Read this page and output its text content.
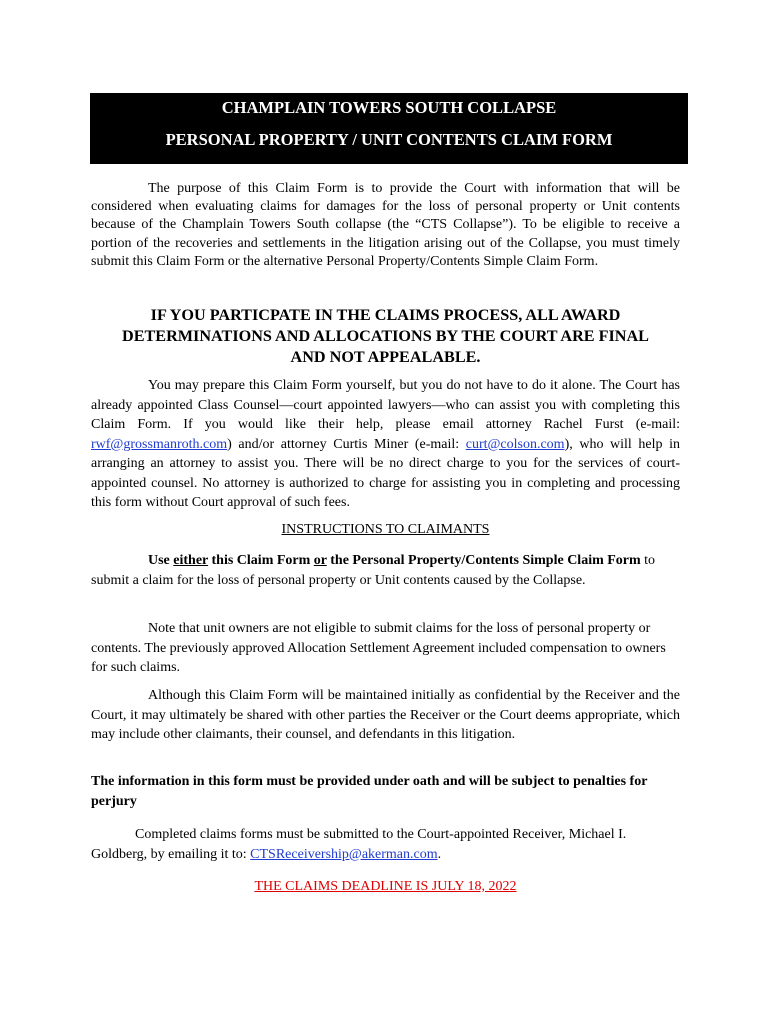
CHAMPLAIN TOWERS SOUTH COLLAPSE
PERSONAL PROPERTY / UNIT CONTENTS CLAIM FORM

The purpose of this Claim Form is to provide the Court with information that will be considered when evaluating claims for damages for the loss of personal property or Unit contents because of the Champlain Towers South collapse (the “CTS Collapse”). To be eligible to receive a portion of the recoveries and settlements in the litigation arising out of the Collapse, you must timely submit this Claim Form or the alternative Personal Property/Contents Simple Claim Form.

IF YOU PARTICPATE IN THE CLAIMS PROCESS, ALL AWARD
DETERMINATIONS AND ALLOCATIONS BY THE COURT ARE FINAL
AND NOT APPEALABLE.

You may prepare this Claim Form yourself, but you do not have to do it alone. The Court has already appointed Class Counsel—court appointed lawyers—who can assist you with completing this Claim Form. If you would like their help, please email attorney Rachel Furst (e-mail: rwf@grossmanroth.com) and/or attorney Curtis Miner (e-mail: curt@colson.com), who will help in arranging an attorney to assist you. There will be no direct charge to you for the services of court-appointed counsel. No attorney is authorized to charge for assisting you in completing and processing this form without Court approval of such fees.

INSTRUCTIONS TO CLAIMANTS

Use either this Claim Form or the Personal Property/Contents Simple Claim Form to submit a claim for the loss of personal property or Unit contents caused by the Collapse.

Note that unit owners are not eligible to submit claims for the loss of personal property or contents. The previously approved Allocation Settlement Agreement included compensation to owners for such claims.

Although this Claim Form will be maintained initially as confidential by the Receiver and the Court, it may ultimately be shared with other parties the Receiver or the Court deems appropriate, which may include other claimants, their counsel, and defendants in this litigation.

The information in this form must be provided under oath and will be subject to penalties for perjury

Completed claims forms must be submitted to the Court-appointed Receiver, Michael I. Goldberg, by emailing it to: CTSReceivership@akerman.com.

THE CLAIMS DEADLINE IS JULY 18, 2022
